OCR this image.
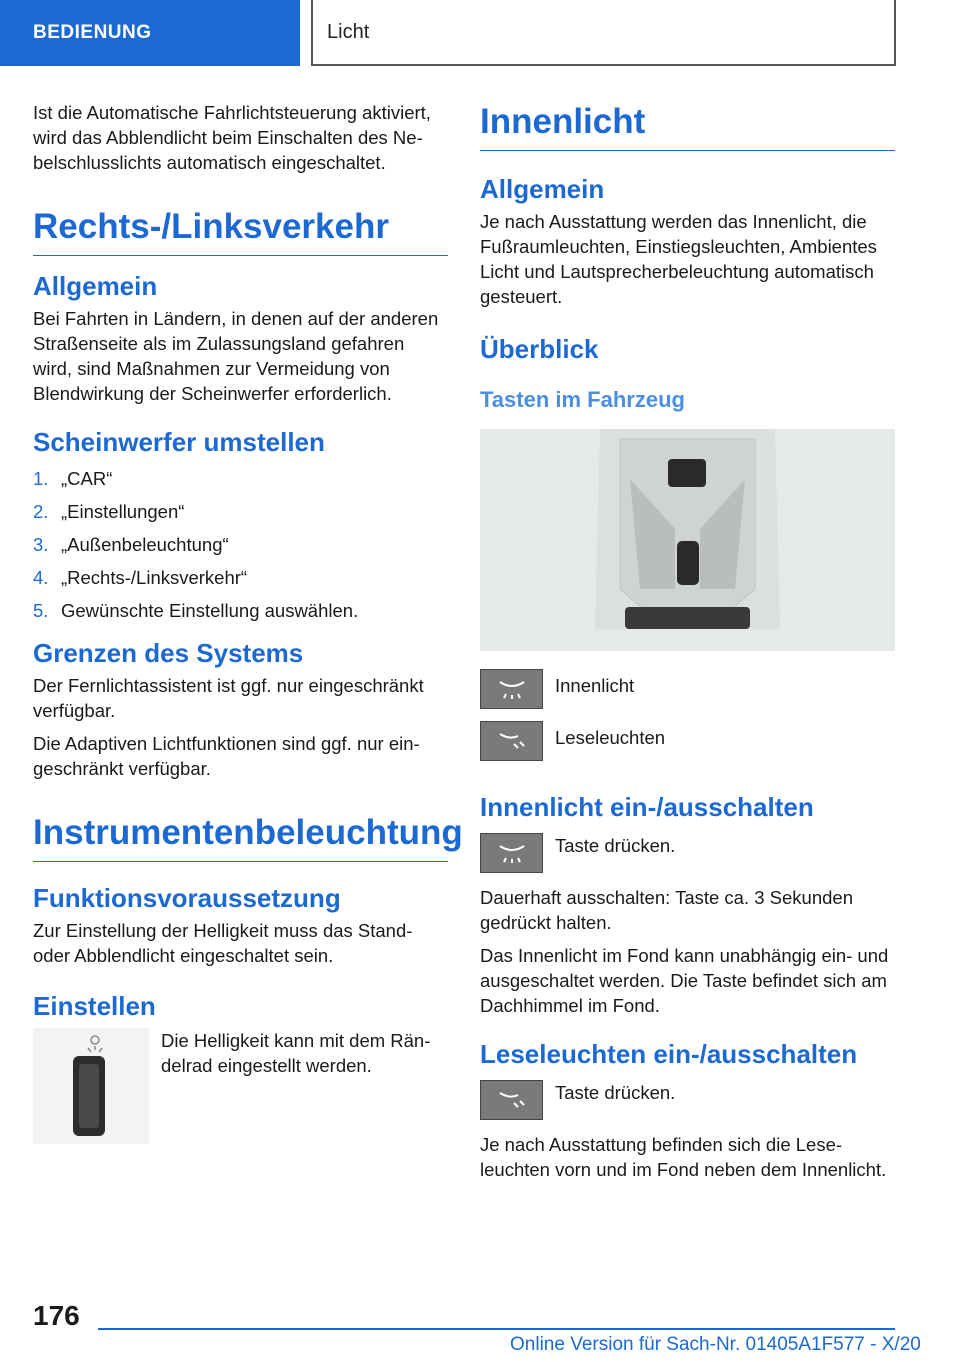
BEDIENUNG	Licht

Ist die Automatische Fahrlichtsteuerung aktiviert, wird das Abblendlicht beim Einschalten des Nebelschlusslichts automatisch eingeschaltet.

Rechts-/Linksverkehr
Allgemein

Bei Fahrten in Ländern, in denen auf der anderen Straßenseite als im Zulassungsland gefahren wird, sind Maßnahmen zur Vermeidung von Blendwirkung der Scheinwerfer erforderlich.

Scheinwerfer umstellen
1. „CAR“
2. „Einstellungen“
3. „Außenbeleuchtung“
4. „Rechts-/Linksverkehr“
5. Gewünschte Einstellung auswählen.
Grenzen des Systems

Der Fernlichtassistent ist ggf. nur eingeschränkt verfügbar.

Die Adaptiven Lichtfunktionen sind ggf. nur eingeschränkt verfügbar.

Instrumentenbeleuchtung
Funktionsvoraussetzung

Zur Einstellung der Helligkeit muss das Stand- oder Abblendlicht eingeschaltet sein.

Einstellen

Die Helligkeit kann mit dem Rändelrad eingestellt werden.

Innenlicht
Allgemein

Je nach Ausstattung werden das Innenlicht, die Fußraumleuchten, Einstiegsleuchten, Ambientes Licht und Lautsprecherbeleuchtung automatisch gesteuert.

Überblick
Tasten im Fahrzeug
Innenlicht
Leseleuchten
Innenlicht ein-/ausschalten
Taste drücken.

Dauerhaft ausschalten: Taste ca. 3 Sekunden gedrückt halten.

Das Innenlicht im Fond kann unabhängig ein- und ausgeschaltet werden. Die Taste befindet sich am Dachhimmel im Fond.

Leseleuchten ein-/ausschalten
Taste drücken.

Je nach Ausstattung befinden sich die Leseleuchten vorn und im Fond neben dem Innenlicht.

176
Online Version für Sach-Nr. 01405A1F577 - X/20
